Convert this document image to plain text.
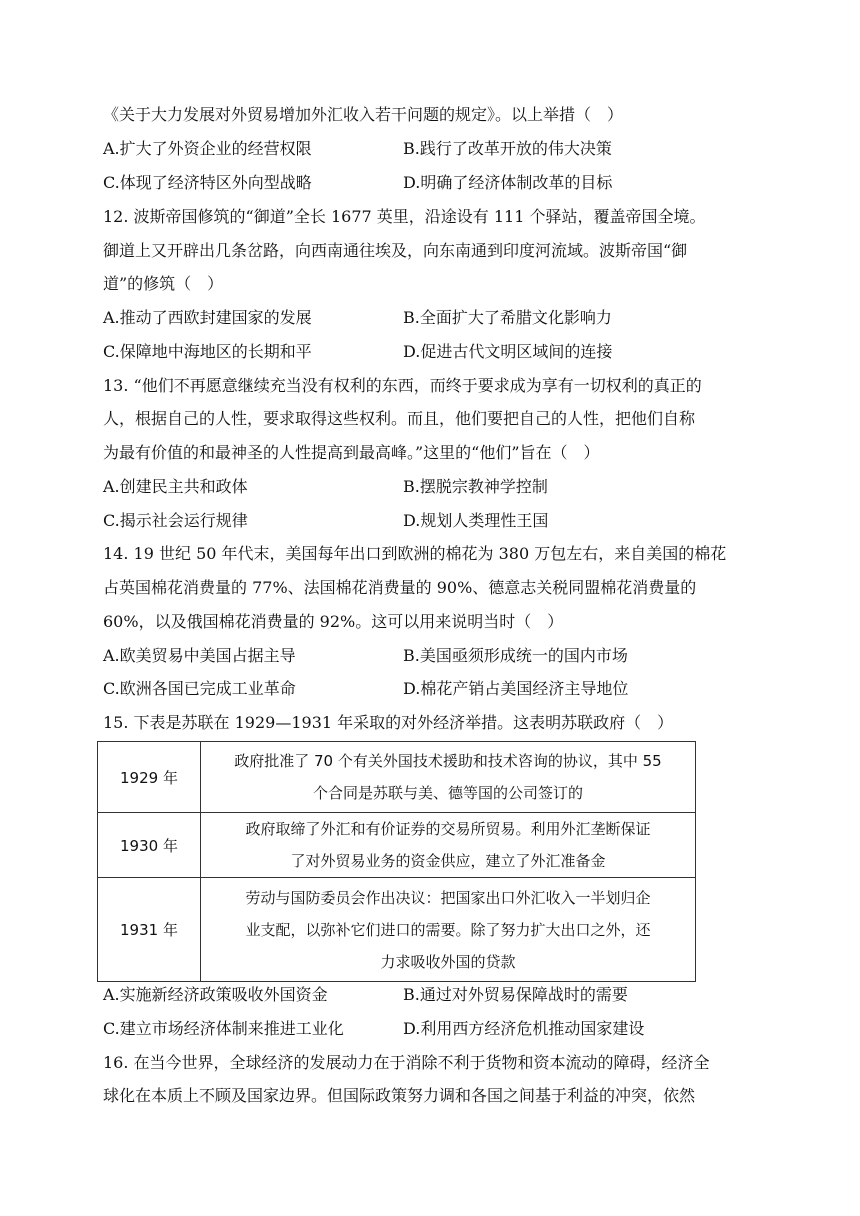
《关于大力发展对外贸易增加外汇收入若干问题的规定》。以上举措（　）
A.扩大了外资企业的经营权限	B.践行了改革开放的伟大决策
C.体现了经济特区外向型战略	D.明确了经济体制改革的目标
12. 波斯帝国修筑的“御道”全长 1677 英里，沿途设有 111 个驿站，覆盖帝国全境。
御道上又开辟出几条岔路，向西南通往埃及，向东南通到印度河流域。波斯帝国“御
道”的修筑（　）
A.推动了西欧封建国家的发展	B.全面扩大了希腊文化影响力
C.保障地中海地区的长期和平	D.促进古代文明区域间的连接
13. “他们不再愿意继续充当没有权利的东西，而终于要求成为享有一切权利的真正的
人，根据自己的人性，要求取得这些权利。而且，他们要把自己的人性，把他们自称
为最有价值的和最神圣的人性提高到最高峰。”这里的“他们”旨在（　）
A.创建民主共和政体	B.摆脱宗教神学控制
C.揭示社会运行规律	D.规划人类理性王国
14. 19 世纪 50 年代末，美国每年出口到欧洲的棉花为 380 万包左右，来自美国的棉花
占英国棉花消费量的 77%、法国棉花消费量的 90%、德意志关税同盟棉花消费量的
60%，以及俄国棉花消费量的 92%。这可以用来说明当时（　）
A.欧美贸易中美国占据主导	B.美国亟须形成统一的国内市场
C.欧洲各国已完成工业革命	D.棉花产销占美国经济主导地位
15. 下表是苏联在 1929—1931 年采取的对外经济举措。这表明苏联政府（　）
1929 年	政府批准了 70 个有关外国技术援助和技术咨询的协议，其中 55
个合同是苏联与美、德等国的公司签订的

1930 年	政府取缔了外汇和有价证券的交易所贸易。利用外汇垄断保证
了对外贸易业务的资金供应，建立了外汇准备金

1931 年	劳动与国防委员会作出决议：把国家出口外汇收入一半划归企
业支配，以弥补它们进口的需要。除了努力扩大出口之外，还
力求吸收外国的贷款
A.实施新经济政策吸收外国资金	B.通过对外贸易保障战时的需要
C.建立市场经济体制来推进工业化	D.利用西方经济危机推动国家建设
16. 在当今世界，全球经济的发展动力在于消除不利于货物和资本流动的障碍，经济全
球化在本质上不顾及国家边界。但国际政策努力调和各国之间基于利益的冲突，依然
